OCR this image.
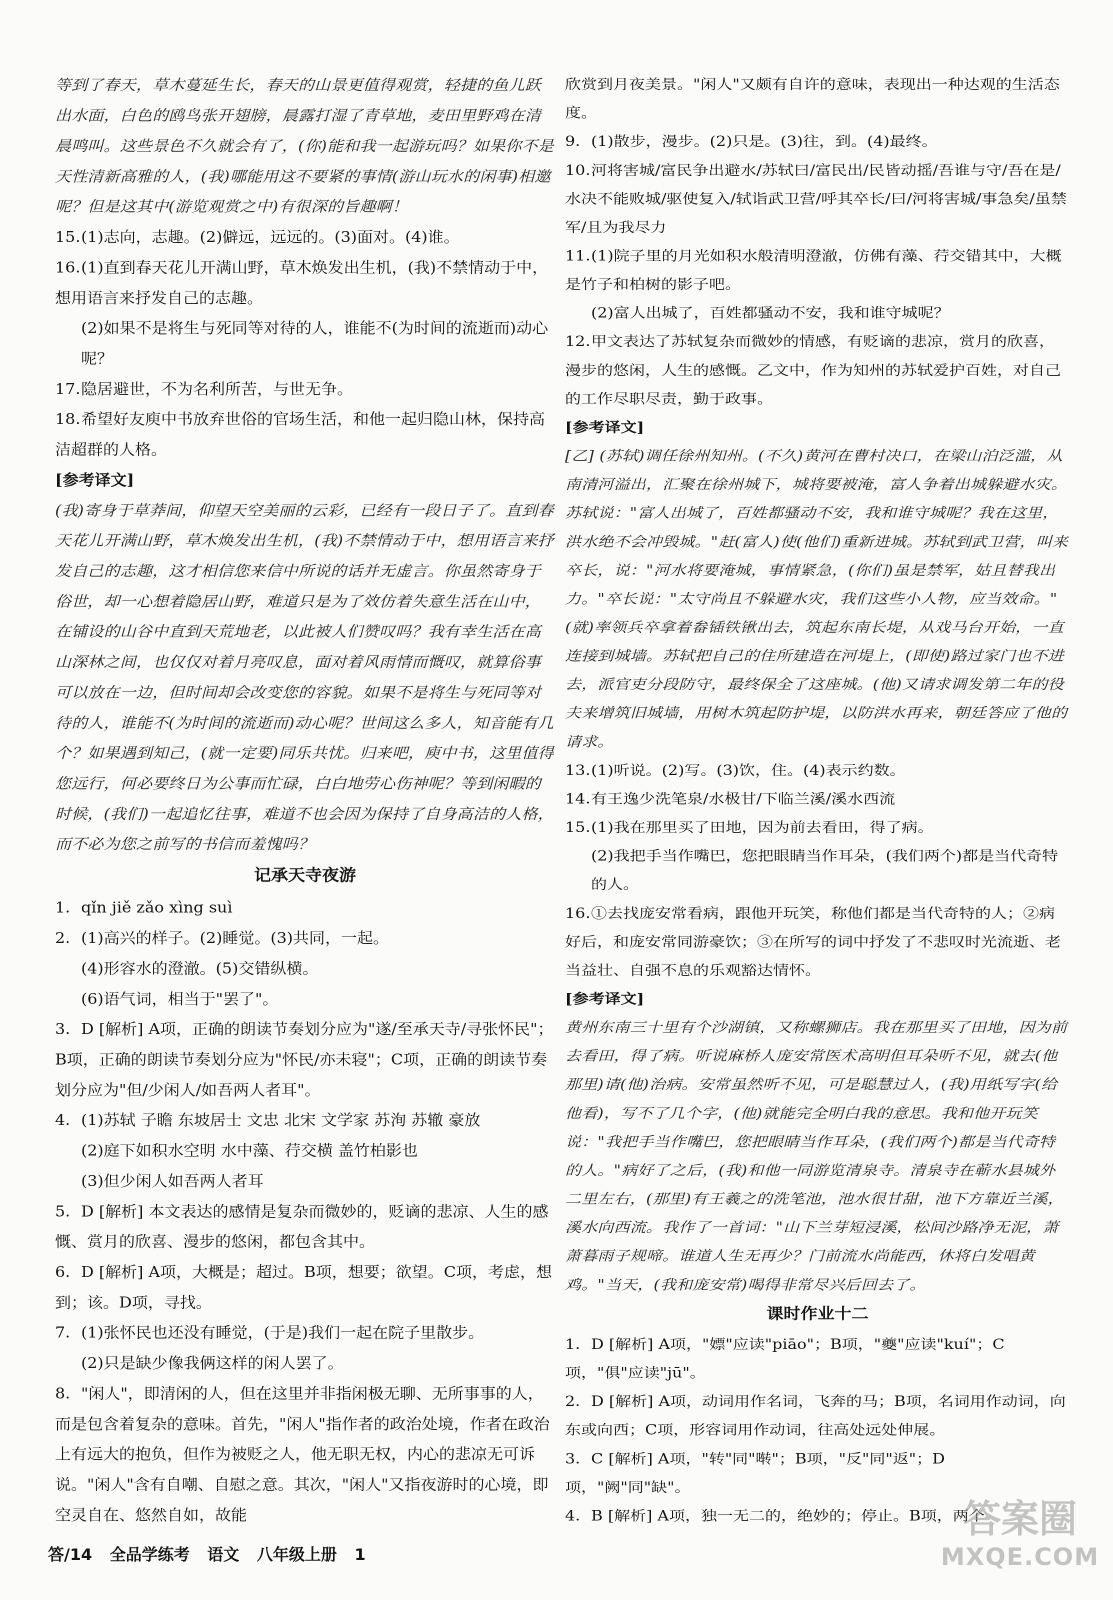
等到了春天，草木蔓延生长，春天的山景更值得观赏，轻捷的鱼儿跃出水面，白色的鸥鸟张开翅膀，晨露打湿了青草地，麦田里野鸡在清晨鸣叫。这些景色不久就会有了，(你)能和我一起游玩吗？如果你不是天性清新高雅的人，(我)哪能用这不要紧的事情(游山玩水的闲事)相邀呢？但是这其中(游览观赏之中)有很深的旨趣啊！
15.(1)志向，志趣。(2)僻远，远远的。(3)面对。(4)谁。
16.(1)直到春天花儿开满山野，草木焕发出生机，(我)不禁情动于中，想用语言来抒发自己的志趣。
(2)如果不是将生与死同等对待的人，谁能不(为时间的流逝而)动心呢？
17.隐居避世，不为名利所苦，与世无争。
18.希望好友庾中书放弃世俗的官场生活，和他一起归隐山林，保持高洁超群的人格。
[参考译文]
(我)寄身于草莽间，仰望天空美丽的云彩，已经有一段日子了。直到春天花儿开满山野，草木焕发出生机，(我)不禁情动于中，想用语言来抒发自己的志趣，这才相信您来信中所说的话并无虚言。你虽然寄身于俗世，却一心想着隐居山野，难道只是为了效仿着失意生活在山中，在铺设的山谷中直到天荒地老，以此被人们赞叹吗？我有幸生活在高山深林之间，也仅仅对着月亮叹息，面对着风雨情而慨叹，就算俗事可以放在一边，但时间却会改变您的容貌。如果不是将生与死同等对待的人，谁能不(为时间的流逝而)动心呢？世间这么多人，知音能有几个？如果遇到知己，(就一定要)同乐共忧。归来吧，庾中书，这里值得您远行，何必要终日为公事而忙碌，白白地劳心伤神呢？等到闲暇的时候，(我们)一起追忆往事，难道不也会因为保持了自身高洁的人格，而不必为您之前写的书信而羞愧吗？
记承天寺夜游
1. qǐn jiě zǎo xìng suì
2. (1)高兴的样子。(2)睡觉。(3)共同，一起。
(4)形容水的澄澈。(5)交错纵横。
(6)语气词，相当于"罢了"。
3. D [解析] A项，正确的朗读节奏划分应为"遂/至承天寺/寻张怀民"；B项，正确的朗读节奏划分应为"怀民/亦未寝"；C项，正确的朗读节奏划分应为"但/少闲人/如吾两人者耳"。
4. (1)苏轼 子瞻 东坡居士 文忠 北宋 文学家 苏洵 苏辙 豪放
(2)庭下如积水空明 水中藻、荇交横 盖竹柏影也
(3)但少闲人如吾两人者耳
5. D [解析] 本文表达的感情是复杂而微妙的，贬谪的悲凉、人生的感慨、赏月的欣喜、漫步的悠闲，都包含其中。
6. D [解析] A项，大概是；超过。B项，想要；欲望。C项，考虑，想到；该。D项，寻找。
7. (1)张怀民也还没有睡觉，(于是)我们一起在院子里散步。
(2)只是缺少像我俩这样的闲人罢了。
8. "闲人"，即清闲的人，但在这里并非指闲极无聊、无所事事的人，而是包含着复杂的意味。首先，"闲人"指作者的政治处境，作者在政治上有远大的抱负，但作为被贬之人，他无职无权，内心的悲凉无可诉说。"闲人"含有自嘲、自慰之意。其次，"闲人"又指夜游时的心境，即空灵自在、悠然自如，故能
欣赏到月夜美景。"闲人"又颇有自许的意味，表现出一种达观的生活态度。
9. (1)散步，漫步。(2)只是。(3)往，到。(4)最终。
10.河将害城/富民争出避水/苏轼曰/富民出/民皆动摇/吾谁与守/吾在是/水决不能败城/驱使复入/轼诣武卫营/呼其卒长/曰/河将害城/事急矣/虽禁军/且为我尽力
11.(1)院子里的月光如积水般清明澄澈，仿佛有藻、荇交错其中，大概是竹子和柏树的影子吧。
(2)富人出城了，百姓都骚动不安，我和谁守城呢？
12.甲文表达了苏轼复杂而微妙的情感，有贬谪的悲凉，赏月的欣喜，漫步的悠闲，人生的感慨。乙文中，作为知州的苏轼爱护百姓，对自己的工作尽职尽责，勤于政事。
[参考译文]
[乙] (苏轼)调任徐州知州。(不久)黄河在曹村决口，在梁山泊泛滥，从南清河溢出，汇聚在徐州城下，城将要被淹，富人争着出城躲避水灾。苏轼说："富人出城了，百姓都骚动不安，我和谁守城呢？我在这里，洪水绝不会冲毁城。"赶(富人)使(他们)重新进城。苏轼到武卫营，叫来卒长，说："河水将要淹城，事情紧急，(你们)虽是禁军，姑且替我出力。"卒长说："太守尚且不躲避水灾，我们这些小人物，应当效命。"(就)率领兵卒拿着畚锸铁锹出去，筑起东南长堤，从戏马台开始，一直连接到城墙。苏轼把自己的住所建造在河堤上，(即使)路过家门也不进去，派官吏分段防守，最终保全了这座城。(他)又请求调发第二年的役夫来增筑旧城墙，用树木筑起防护堤，以防洪水再来，朝廷答应了他的请求。
13.(1)听说。(2)写。(3)饮，住。(4)表示约数。
14.有王逸少洗笔泉/水极甘/下临兰溪/溪水西流
15.(1)我在那里买了田地，因为前去看田，得了病。
(2)我把手当作嘴巴，您把眼睛当作耳朵，(我们两个)都是当代奇特的人。
16.①去找庞安常看病，跟他开玩笑，称他们都是当代奇特的人；②病好后，和庞安常同游豪饮；③在所写的词中抒发了不悲叹时光流逝、老当益壮、自强不息的乐观豁达情怀。
[参考译文]
黄州东南三十里有个沙湖镇，又称螺狮店。我在那里买了田地，因为前去看田，得了病。听说麻桥人庞安常医术高明但耳朵听不见，就去(他那里)请(他)治病。安常虽然听不见，可是聪慧过人，(我)用纸写字(给他看)，写不了几个字，(他)就能完全明白我的意思。我和他开玩笑说："我把手当作嘴巴，您把眼睛当作耳朵，(我们两个)都是当代奇特的人。"病好了之后，(我)和他一同游览清泉寺。清泉寺在蕲水县城外二里左右，(那里)有王羲之的洗笔池，池水很甘甜，池下方靠近兰溪，溪水向西流。我作了一首词："山下兰芽短浸溪，松间沙路净无泥，萧萧暮雨子规啼。谁道人生无再少？门前流水尚能西，休将白发唱黄鸡。"当天，(我和庞安常)喝得非常尽兴后回去了。
课时作业十二
1. D [解析] A项，"嫖"应读"piāo"；B项，"夔"应读"kuí"；C项，"俱"应读"jū"。
2. D [解析] A项，动词用作名词，飞奔的马；B项，名词用作动词，向东或向西；C项，形容词用作动词，往高处远处伸展。
3. C [解析] A项，"转"同"啭"；B项，"反"同"返"；D项，"阙"同"缺"。
4. B [解析] A项，独一无二的，绝妙的；停止。B项，两个
答/14 全品学练考 语文 八年级上册 1
答案圈
MXQE.COM
